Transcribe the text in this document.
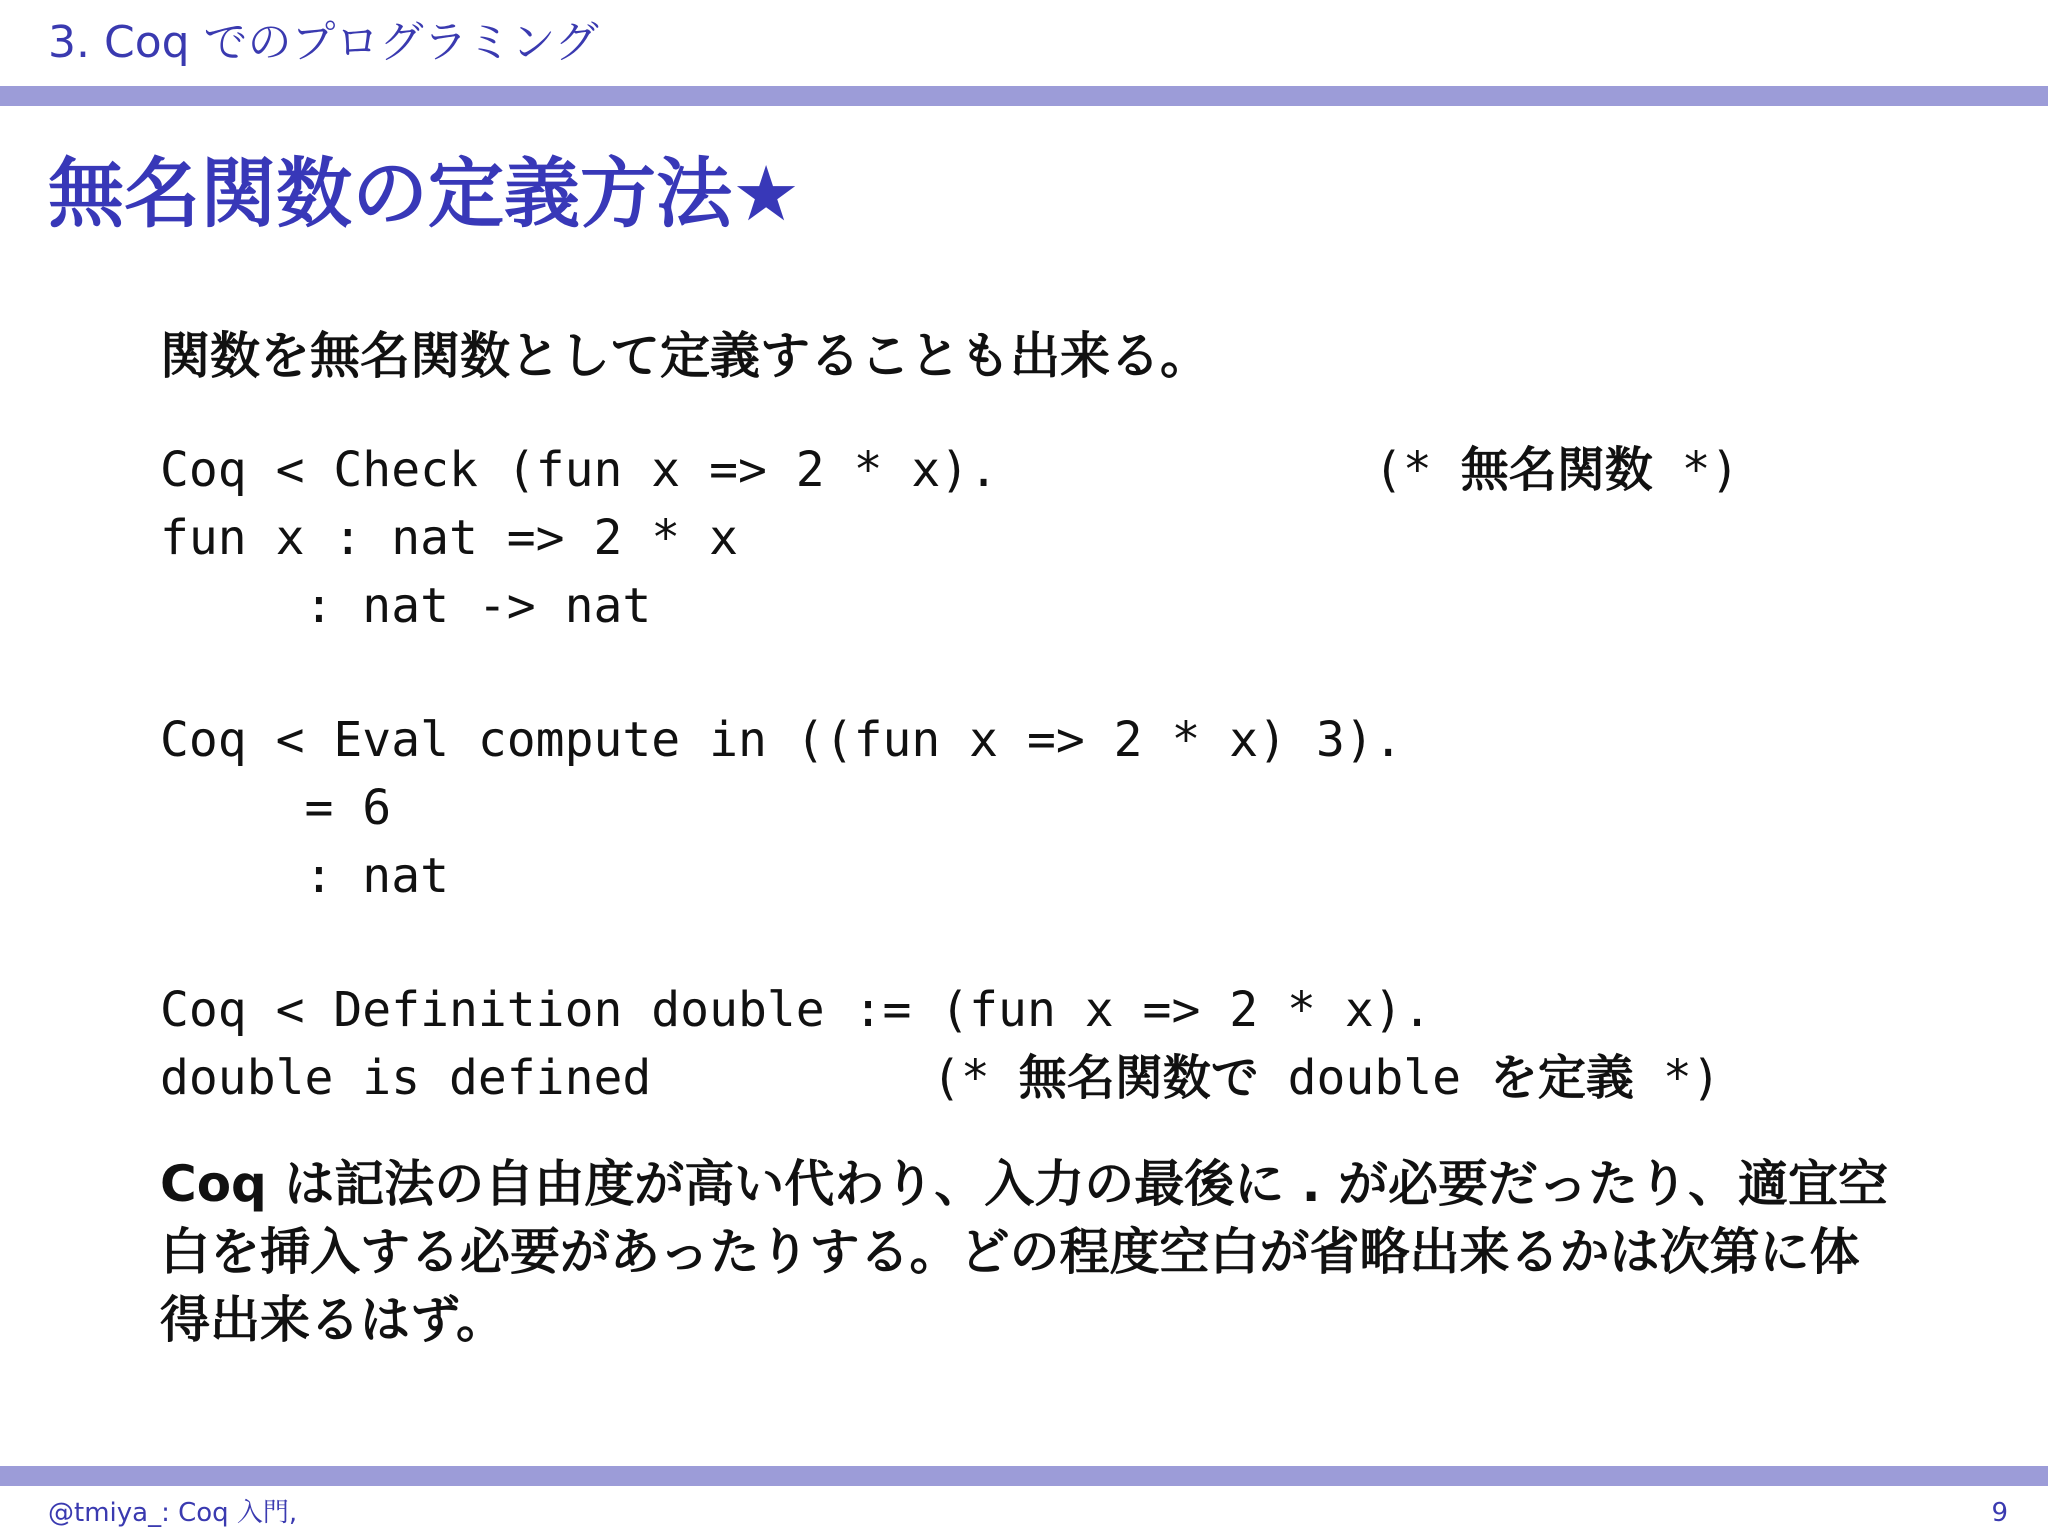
3. Coq でのプログラミング
無名関数の定義方法★
関数を無名関数として定義することも出来る。
Coq < Check (fun x => 2 * x).
fun x : nat => 2 * x
: nat -> nat
Coq < Eval compute in ((fun x => 2 * x) 3).
= 6
: nat
Coq < Definition double := (fun x => 2 * x).
double is defined
(* 無名関数 *)
(* 無名関数で double を定義 *)
Coq は記法の自由度が高い代わり、入力の最後に . が必要だったり、適宜空白を挿入する必要があったりする。どの程度空白が省略出来るかは次第に体得出来るはず。
@tmiya_: Coq 入門,	9
